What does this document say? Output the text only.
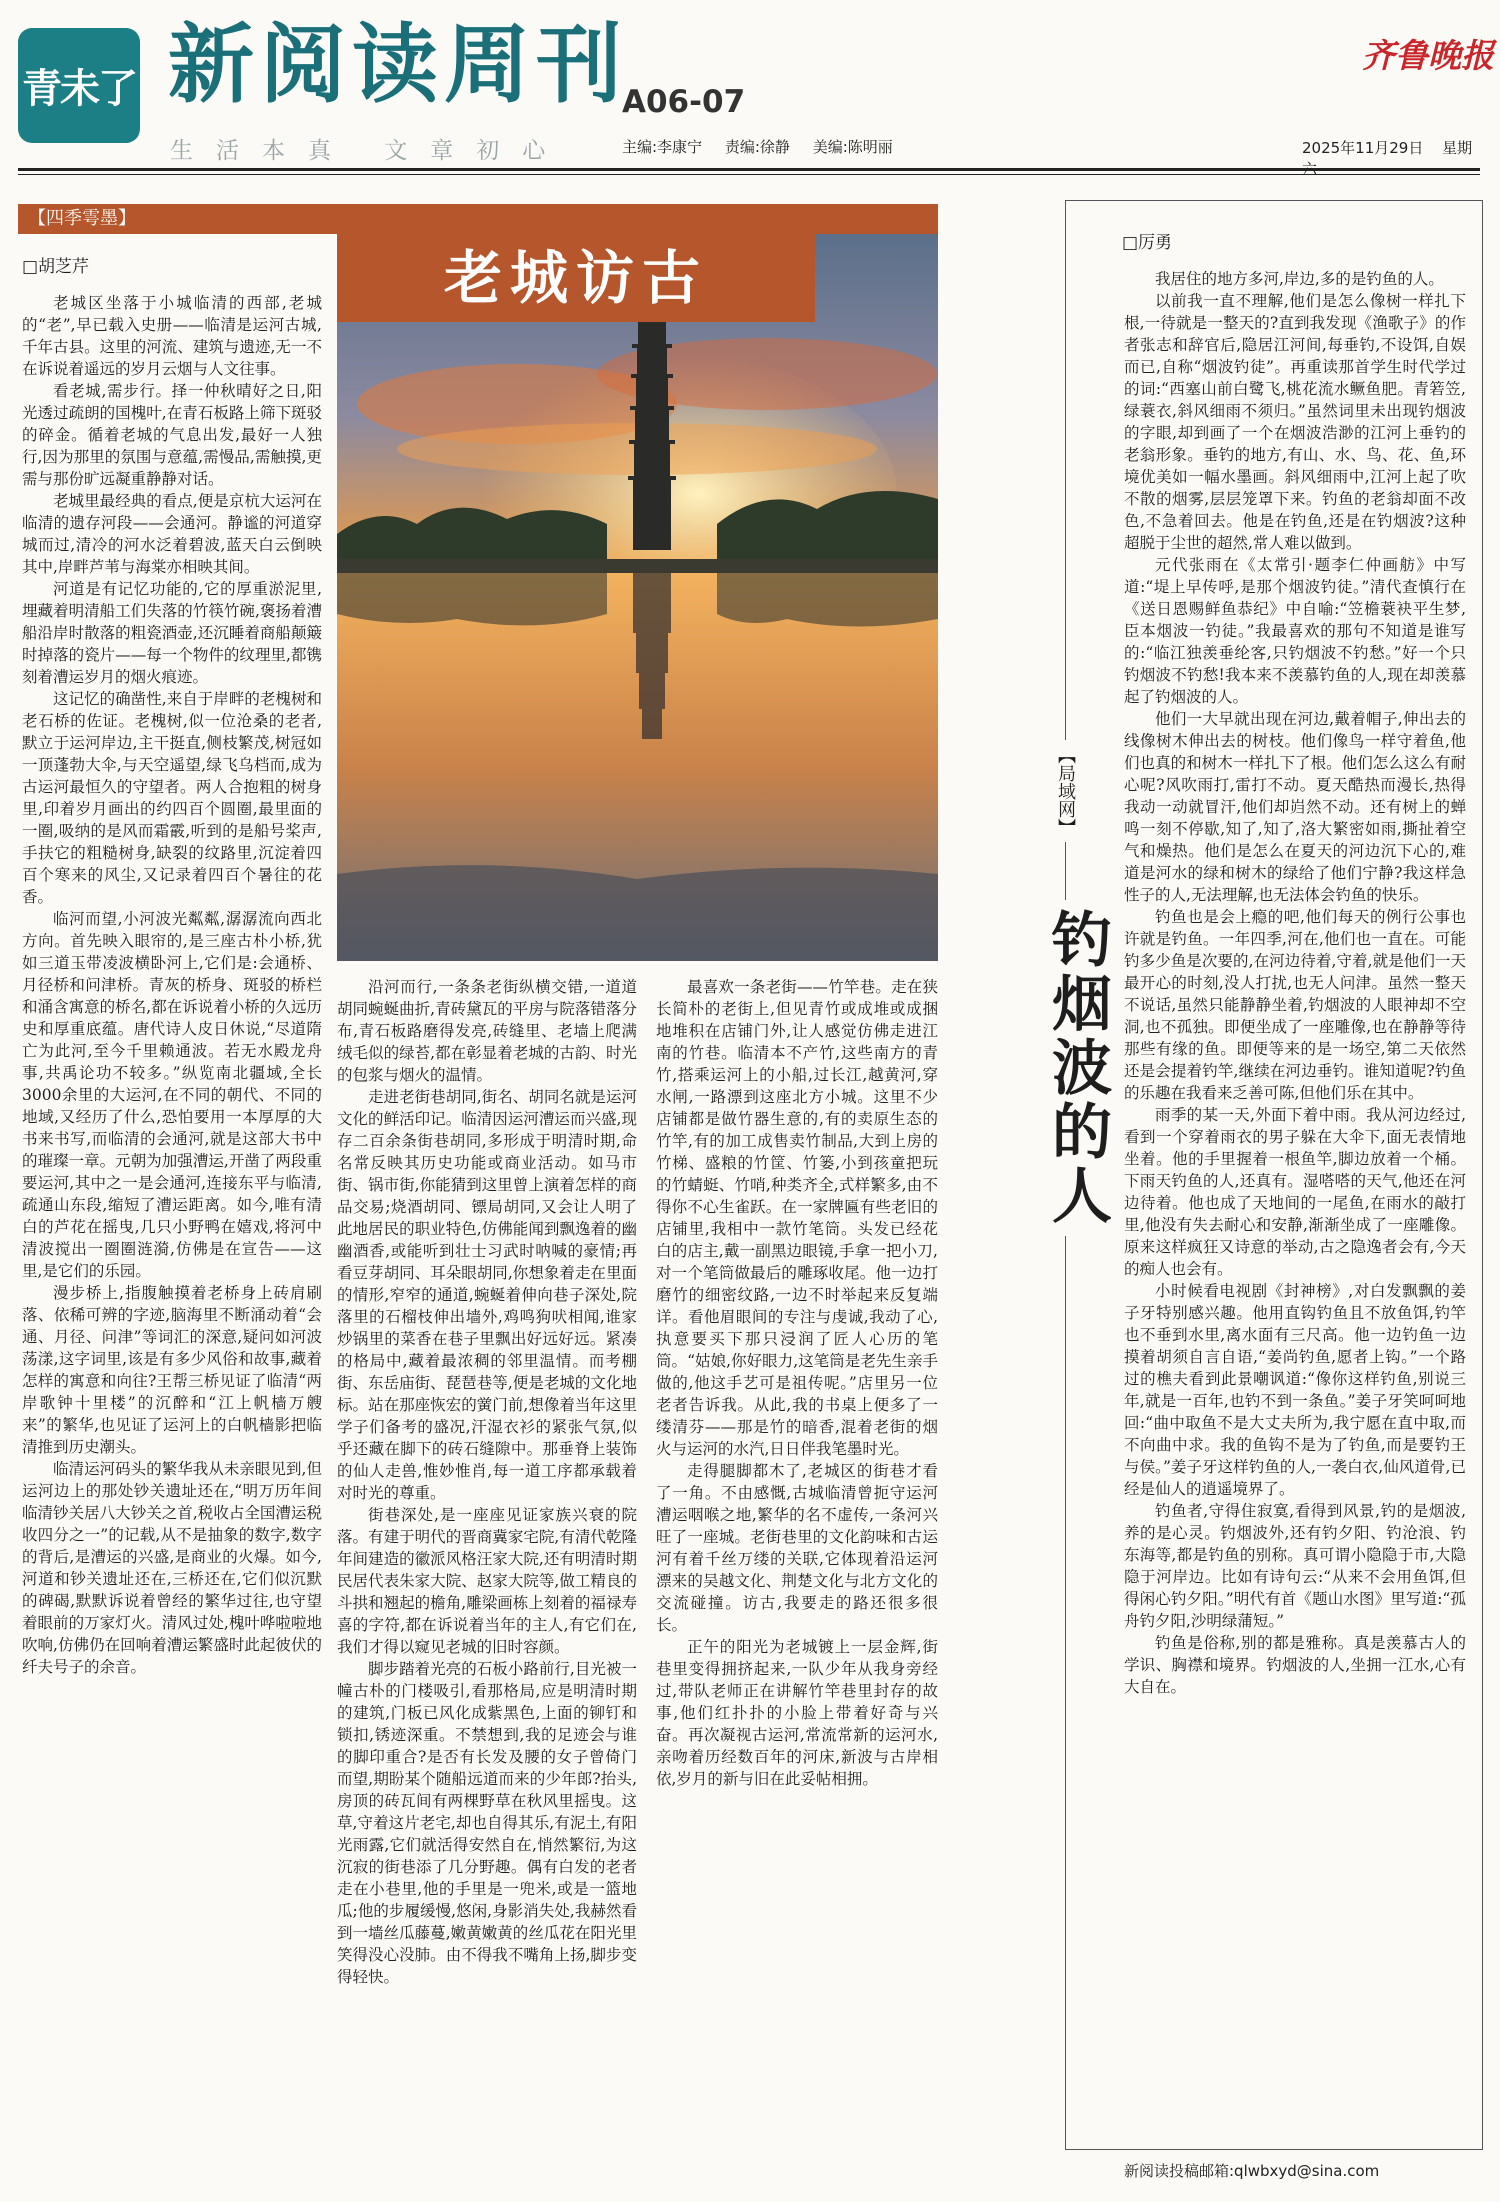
青未了 新阅读周刊
A06-07
生活本真 文章初心	主编:李康宁 责编:徐静 美编:陈明丽
齐鲁晚报
2025年11月29日 星期六
【四季雩墨】
老城访古
□胡芝芹

老城区坐落于小城临清的西部,老城的“老”,早已载入史册——临清是运河古城,千年古县。这里的河流、建筑与遗迹,无一不在诉说着遥远的岁月云烟与人文往事。

看老城,需步行。择一仲秋晴好之日,阳光透过疏朗的国槐叶,在青石板路上筛下斑驳的碎金。循着老城的气息出发,最好一人独行,因为那里的氛围与意蕴,需慢品,需触摸,更需与那份旷远凝重静静对话。

老城里最经典的看点,便是京杭大运河在临清的遗存河段——会通河。静谧的河道穿城而过,清冷的河水泛着碧波,蓝天白云倒映其中,岸畔芦苇与海棠亦相映其间。

河道是有记忆功能的,它的厚重淤泥里,埋藏着明清船工们失落的竹筷竹碗,褒扬着漕船沿岸时散落的粗瓷酒壶,还沉睡着商船颠簸时掉落的瓷片——每一个物件的纹理里,都镌刻着漕运岁月的烟火痕迹。

这记忆的确凿性,来自于岸畔的老槐树和老石桥的佐证。老槐树,似一位沧桑的老者,默立于运河岸边,主干挺直,侧枝繁茂,树冠如一顶蓬勃大伞,与天空遥望,绿飞乌档而,成为古运河最恒久的守望者。两人合抱粗的树身里,印着岁月画出的约四百个圆圈,最里面的一圈,吸纳的是风而霜霰,听到的是船号桨声,手扶它的粗糙树身,缺裂的纹路里,沉淀着四百个寒来的风尘,又记录着四百个暑往的花香。

临河而望,小河波光粼粼,潺潺流向西北方向。首先映入眼帘的,是三座古朴小桥,犹如三道玉带凌波横卧河上,它们是:会通桥、月径桥和问津桥。青灰的桥身、斑驳的桥栏和涌含寓意的桥名,都在诉说着小桥的久远历史和厚重底蕴。唐代诗人皮日休说,“尽道隋亡为此河,至今千里赖通波。若无水殿龙舟事,共禹论功不较多。”纵览南北疆域,全长3000余里的大运河,在不同的朝代、不同的地域,又经历了什么,恐怕要用一本厚厚的大书来书写,而临清的会通河,就是这部大书中的璀璨一章。元朝为加强漕运,开凿了两段重要运河,其中之一是会通河,连接东平与临清,疏通山东段,缩短了漕运距离。如今,唯有清白的芦花在摇曳,几只小野鸭在嬉戏,将河中清波搅出一圈圈涟漪,仿佛是在宣告——这里,是它们的乐园。

漫步桥上,指腹触摸着老桥身上砖肩刷落、依稀可辨的字迹,脑海里不断涌动着“会通、月径、问津”等词汇的深意,疑问如河波荡漾,这字词里,该是有多少风俗和故事,藏着怎样的寓意和向往?王帮三桥见证了临清“两岸歌钟十里楼”的沉醉和“江上帆樯万艘来”的繁华,也见证了运河上的白帆樯影把临清推到历史潮头。

临清运河码头的繁华我从未亲眼见到,但运河边上的那处钞关遗址还在,“明万历年间临清钞关居八大钞关之首,税收占全国漕运税收四分之一”的记载,从不是抽象的数字,数字的背后,是漕运的兴盛,是商业的火爆。如今,河道和钞关遗址还在,三桥还在,它们似沉默的碑碣,默默诉说着曾经的繁华过往,也守望着眼前的万家灯火。清风过处,槐叶哗啦啦地吹响,仿佛仍在回响着漕运繁盛时此起彼伏的纤夫号子的余音。

沿河而行,一条条老街纵横交错,一道道胡同蜿蜒曲折,青砖黛瓦的平房与院落错落分布,青石板路磨得发亮,砖缝里、老墙上爬满绒毛似的绿苔,都在彰显着老城的古韵、时光的包浆与烟火的温情。

走进老街巷胡同,街名、胡同名就是运河文化的鲜活印记。临清因运河漕运而兴盛,现存二百余条街巷胡同,多形成于明清时期,命名常反映其历史功能或商业活动。如马市街、锅市街,你能猜到这里曾上演着怎样的商品交易;烧酒胡同、镖局胡同,又会让人明了此地居民的职业特色,仿佛能闻到飘逸着的幽幽酒香,或能听到壮士习武时呐喊的豪情;再看豆芽胡同、耳朵眼胡同,你想象着走在里面的情形,窄窄的通道,蜿蜒着伸向巷子深处,院落里的石榴枝伸出墙外,鸡鸣狗吠相闻,谁家炒锅里的菜香在巷子里飘出好远好远。紧凑的格局中,藏着最浓稠的邻里温情。而考棚街、东岳庙街、琵琶巷等,便是老城的文化地标。站在那座恢宏的黉门前,想像着当年这里学子们备考的盛况,汗湿衣衫的紧张气氛,似乎还藏在脚下的砖石缝隙中。那垂脊上装饰的仙人走兽,惟妙惟肖,每一道工序都承载着对时光的尊重。

街巷深处,是一座座见证家族兴衰的院落。有建于明代的晋商冀家宅院,有清代乾隆年间建造的徽派风格汪家大院,还有明清时期民居代表朱家大院、赵家大院等,做工精良的斗拱和翘起的檐角,雕梁画栋上刻着的福禄寿喜的字符,都在诉说着当年的主人,有它们在,我们才得以窥见老城的旧时容颜。

脚步踏着光亮的石板小路前行,目光被一幢古朴的门楼吸引,看那格局,应是明清时期的建筑,门板已风化成紫黑色,上面的铆钉和锁扣,锈迹深重。不禁想到,我的足迹会与谁的脚印重合?是否有长发及腰的女子曾倚门而望,期盼某个随船远道而来的少年郎?抬头,房顶的砖瓦间有两棵野草在秋风里摇曳。这草,守着这片老宅,却也自得其乐,有泥土,有阳光雨露,它们就活得安然自在,悄然繁衍,为这沉寂的街巷添了几分野趣。偶有白发的老者走在小巷里,他的手里是一兜米,或是一篮地瓜;他的步履缓慢,悠闲,身影消失处,我赫然看到一墙丝瓜藤蔓,嫩黄嫩黄的丝瓜花在阳光里笑得没心没肺。由不得我不嘴角上扬,脚步变得轻快。

最喜欢一条老街——竹竿巷。走在狭长简朴的老街上,但见青竹或成堆或成捆地堆积在店铺门外,让人感觉仿佛走进江南的竹巷。临清本不产竹,这些南方的青竹,搭乘运河上的小船,过长江,越黄河,穿水闸,一路漂到这座北方小城。这里不少店铺都是做竹器生意的,有的卖原生态的竹竿,有的加工成售卖竹制品,大到上房的竹梯、盛粮的竹筐、竹篓,小到孩童把玩的竹蜻蜓、竹哨,种类齐全,式样繁多,由不得你不心生雀跃。在一家牌匾有些老旧的店铺里,我相中一款竹笔筒。头发已经花白的店主,戴一副黑边眼镜,手拿一把小刀,对一个笔筒做最后的雕琢收尾。他一边打磨竹的细密纹路,一边不时举起来反复端详。看他眉眼间的专注与虔诚,我动了心,执意要买下那只浸润了匠人心历的笔筒。“姑娘,你好眼力,这笔筒是老先生亲手做的,他这手艺可是祖传呢。”店里另一位老者告诉我。从此,我的书桌上便多了一缕清芬——那是竹的暗香,混着老街的烟火与运河的水汽,日日伴我笔墨时光。

走得腿脚都木了,老城区的街巷才看了一角。不由感慨,古城临清曾扼守运河漕运咽喉之地,繁华的名不虚传,一条河兴旺了一座城。老街巷里的文化韵味和古运河有着千丝万缕的关联,它体现着沿运河漂来的吴越文化、荆楚文化与北方文化的交流碰撞。访古,我要走的路还很多很长。

正午的阳光为老城镀上一层金辉,街巷里变得拥挤起来,一队少年从我身旁经过,带队老师正在讲解竹竿巷里封存的故事,他们红扑扑的小脸上带着好奇与兴奋。再次凝视古运河,常流常新的运河水,亲吻着历经数百年的河床,新波与古岸相依,岁月的新与旧在此妥帖相拥。

□厉勇

我居住的地方多河,岸边,多的是钓鱼的人。

以前我一直不理解,他们是怎么像树一样扎下根,一待就是一整天的?直到我发现《渔歌子》的作者张志和辞官后,隐居江河间,每垂钓,不设饵,自娱而已,自称“烟波钓徒”。再重读那首学生时代学过的词:“西塞山前白鹭飞,桃花流水鳜鱼肥。青箬笠,绿蓑衣,斜风细雨不须归。”虽然词里未出现钓烟波的字眼,却到画了一个在烟波浩渺的江河上垂钓的老翁形象。垂钓的地方,有山、水、鸟、花、鱼,环境优美如一幅水墨画。斜风细雨中,江河上起了吹不散的烟雾,层层笼罩下来。钓鱼的老翁却面不改色,不急着回去。他是在钓鱼,还是在钓烟波?这种超脱于尘世的超然,常人难以做到。

元代张雨在《太常引·题李仁仲画舫》中写道:“堤上早传呼,是那个烟波钓徒。”清代查慎行在《送日恩赐鲜鱼恭纪》中自喻:“笠檐蓑袂平生梦,臣本烟波一钓徒。”我最喜欢的那句不知道是谁写的:“临江独羡垂纶客,只钓烟波不钓愁。”好一个只钓烟波不钓愁!我本来不羡慕钓鱼的人,现在却羡慕起了钓烟波的人。

他们一大早就出现在河边,戴着帽子,伸出去的线像树木伸出去的树枝。他们像鸟一样守着鱼,他们也真的和树木一样扎下了根。他们怎么这么有耐心呢?风吹雨打,雷打不动。夏天酷热而漫长,热得我动一动就冒汗,他们却岿然不动。还有树上的蝉鸣一刻不停歇,知了,知了,洛大繁密如雨,撕扯着空气和燥热。他们是怎么在夏天的河边沉下心的,难道是河水的绿和树木的绿给了他们宁静?我这样急性子的人,无法理解,也无法体会钓鱼的快乐。

钓鱼也是会上瘾的吧,他们每天的例行公事也许就是钓鱼。一年四季,河在,他们也一直在。可能钓多少鱼是次要的,在河边待着,守着,就是他们一天最开心的时刻,没人打扰,也无人问津。虽然一整天不说话,虽然只能静静坐着,钓烟波的人眼神却不空洞,也不孤独。即便坐成了一座雕像,也在静静等待那些有缘的鱼。即便等来的是一场空,第二天依然还是会提着钓竿,继续在河边垂钓。谁知道呢?钓鱼的乐趣在我看来乏善可陈,但他们乐在其中。

雨季的某一天,外面下着中雨。我从河边经过,看到一个穿着雨衣的男子躲在大伞下,面无表情地坐着。他的手里握着一根鱼竿,脚边放着一个桶。下雨天钓鱼的人,还真有。湿嗒嗒的天气,他还在河边待着。他也成了天地间的一尾鱼,在雨水的敲打里,他没有失去耐心和安静,渐渐坐成了一座雕像。原来这样疯狂又诗意的举动,古之隐逸者会有,今天的痴人也会有。

小时候看电视剧《封神榜》,对白发飘飘的姜子牙特别感兴趣。他用直钩钓鱼且不放鱼饵,钓竿也不垂到水里,离水面有三尺高。他一边钓鱼一边摸着胡须自言自语,“姜尚钓鱼,愿者上钩。”一个路过的樵夫看到此景嘲讽道:“像你这样钓鱼,别说三年,就是一百年,也钓不到一条鱼。”姜子牙笑呵呵地回:“曲中取鱼不是大丈夫所为,我宁愿在直中取,而不向曲中求。我的鱼钩不是为了钓鱼,而是要钓王与侯。”姜子牙这样钓鱼的人,一袭白衣,仙风道骨,已经是仙人的逍遥境界了。

钓鱼者,守得住寂寞,看得到风景,钓的是烟波,养的是心灵。钓烟波外,还有钓夕阳、钓沧浪、钓东海等,都是钓鱼的别称。真可谓小隐隐于市,大隐隐于河岸边。比如有诗句云:“从来不会用鱼饵,但得闲心钓夕阳。”明代有首《题山水图》里写道:“孤舟钓夕阳,沙明绿蒲短。”

钓鱼是俗称,别的都是雅称。真是羡慕古人的学识、胸襟和境界。钓烟波的人,坐拥一江水,心有大自在。

【局域网】
钓烟波的人
新阅读投稿邮箱:qlwbxyd@sina.com
